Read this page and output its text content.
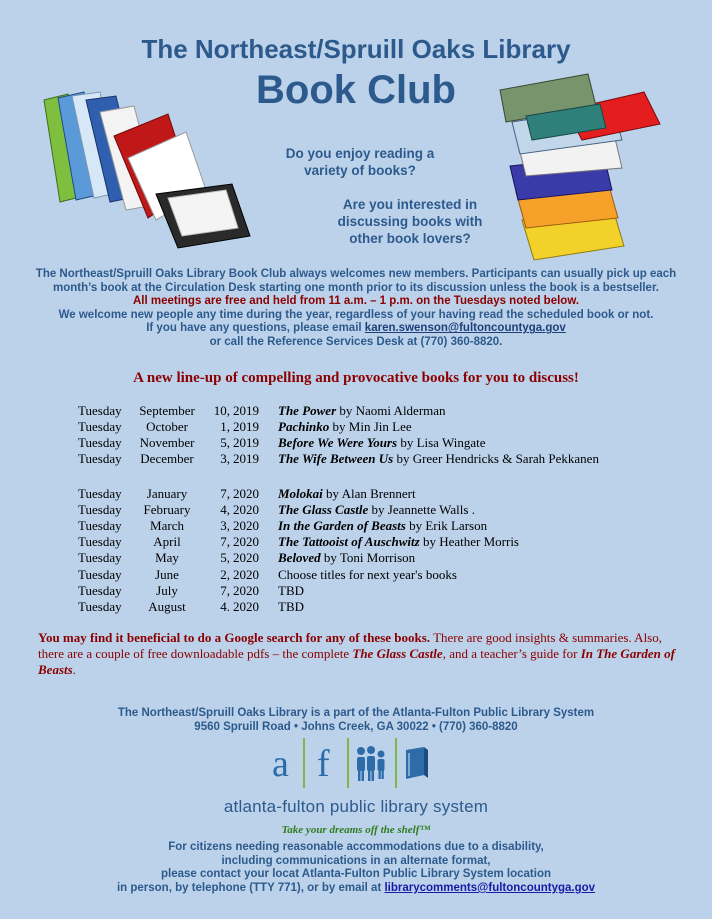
The Northeast/Spruill Oaks Library
Book Club
Do you enjoy reading a
variety of books?
Are you interested in
discussing books with
other book lovers?
The Northeast/Spruill Oaks Library Book Club always welcomes new members. Participants can usually pick up each
month’s book at the Circulation Desk starting one month prior to its discussion unless the book is a bestseller.
All meetings are free and held from 11 a.m. – 1 p.m. on the Tuesdays noted below.
We welcome new people any time during the year, regardless of your having read the scheduled book or not.
If you have any questions, please email karen.swenson@fultoncountyga.gov
or call the Reference Services Desk at (770) 360-8820.
A new line-up of compelling and provocative books for you to discuss!
Tuesday	September	10, 2019 The Power by Naomi Alderman
Tuesday	October	1, 2019 Pachinko by Min Jin Lee
Tuesday	November	5, 2019 Before We Were Yours by Lisa Wingate
Tuesday	December	3, 2019 The Wife Between Us by Greer Hendricks & Sarah Pekkanen
Tuesday	January	7, 2020 Molokai by Alan Brennert
Tuesday	February	4, 2020 The Glass Castle by Jeannette Walls .
Tuesday	March	3, 2020 In the Garden of Beasts by Erik Larson
Tuesday	April	7, 2020 The Tattooist of Auschwitz by Heather Morris
Tuesday	May	5, 2020 Beloved by Toni Morrison
Tuesday	June	2, 2020 Choose titles for next year's books
Tuesday	July	7, 2020 TBD
Tuesday	August	4. 2020 TBD
You may find it beneficial to do a Google search for any of these books. There are good insights & summaries. Also, there are a couple of free downloadable pdfs – the complete The Glass Castle, and a teacher’s guide for In The Garden of Beasts.
The Northeast/Spruill Oaks Library is a part of the Atlanta-Fulton Public Library System
9560 Spruill Road • Johns Creek, GA 30022 • (770) 360-8820
a f
atlanta-fulton public library system
Take your dreams off the shelf™
For citizens needing reasonable accommodations due to a disability,
including communications in an alternate format,
please contact your locat Atlanta-Fulton Public Library System location
in person, by telephone (TTY 771), or by email at librarycomments@fultoncountyga.gov
